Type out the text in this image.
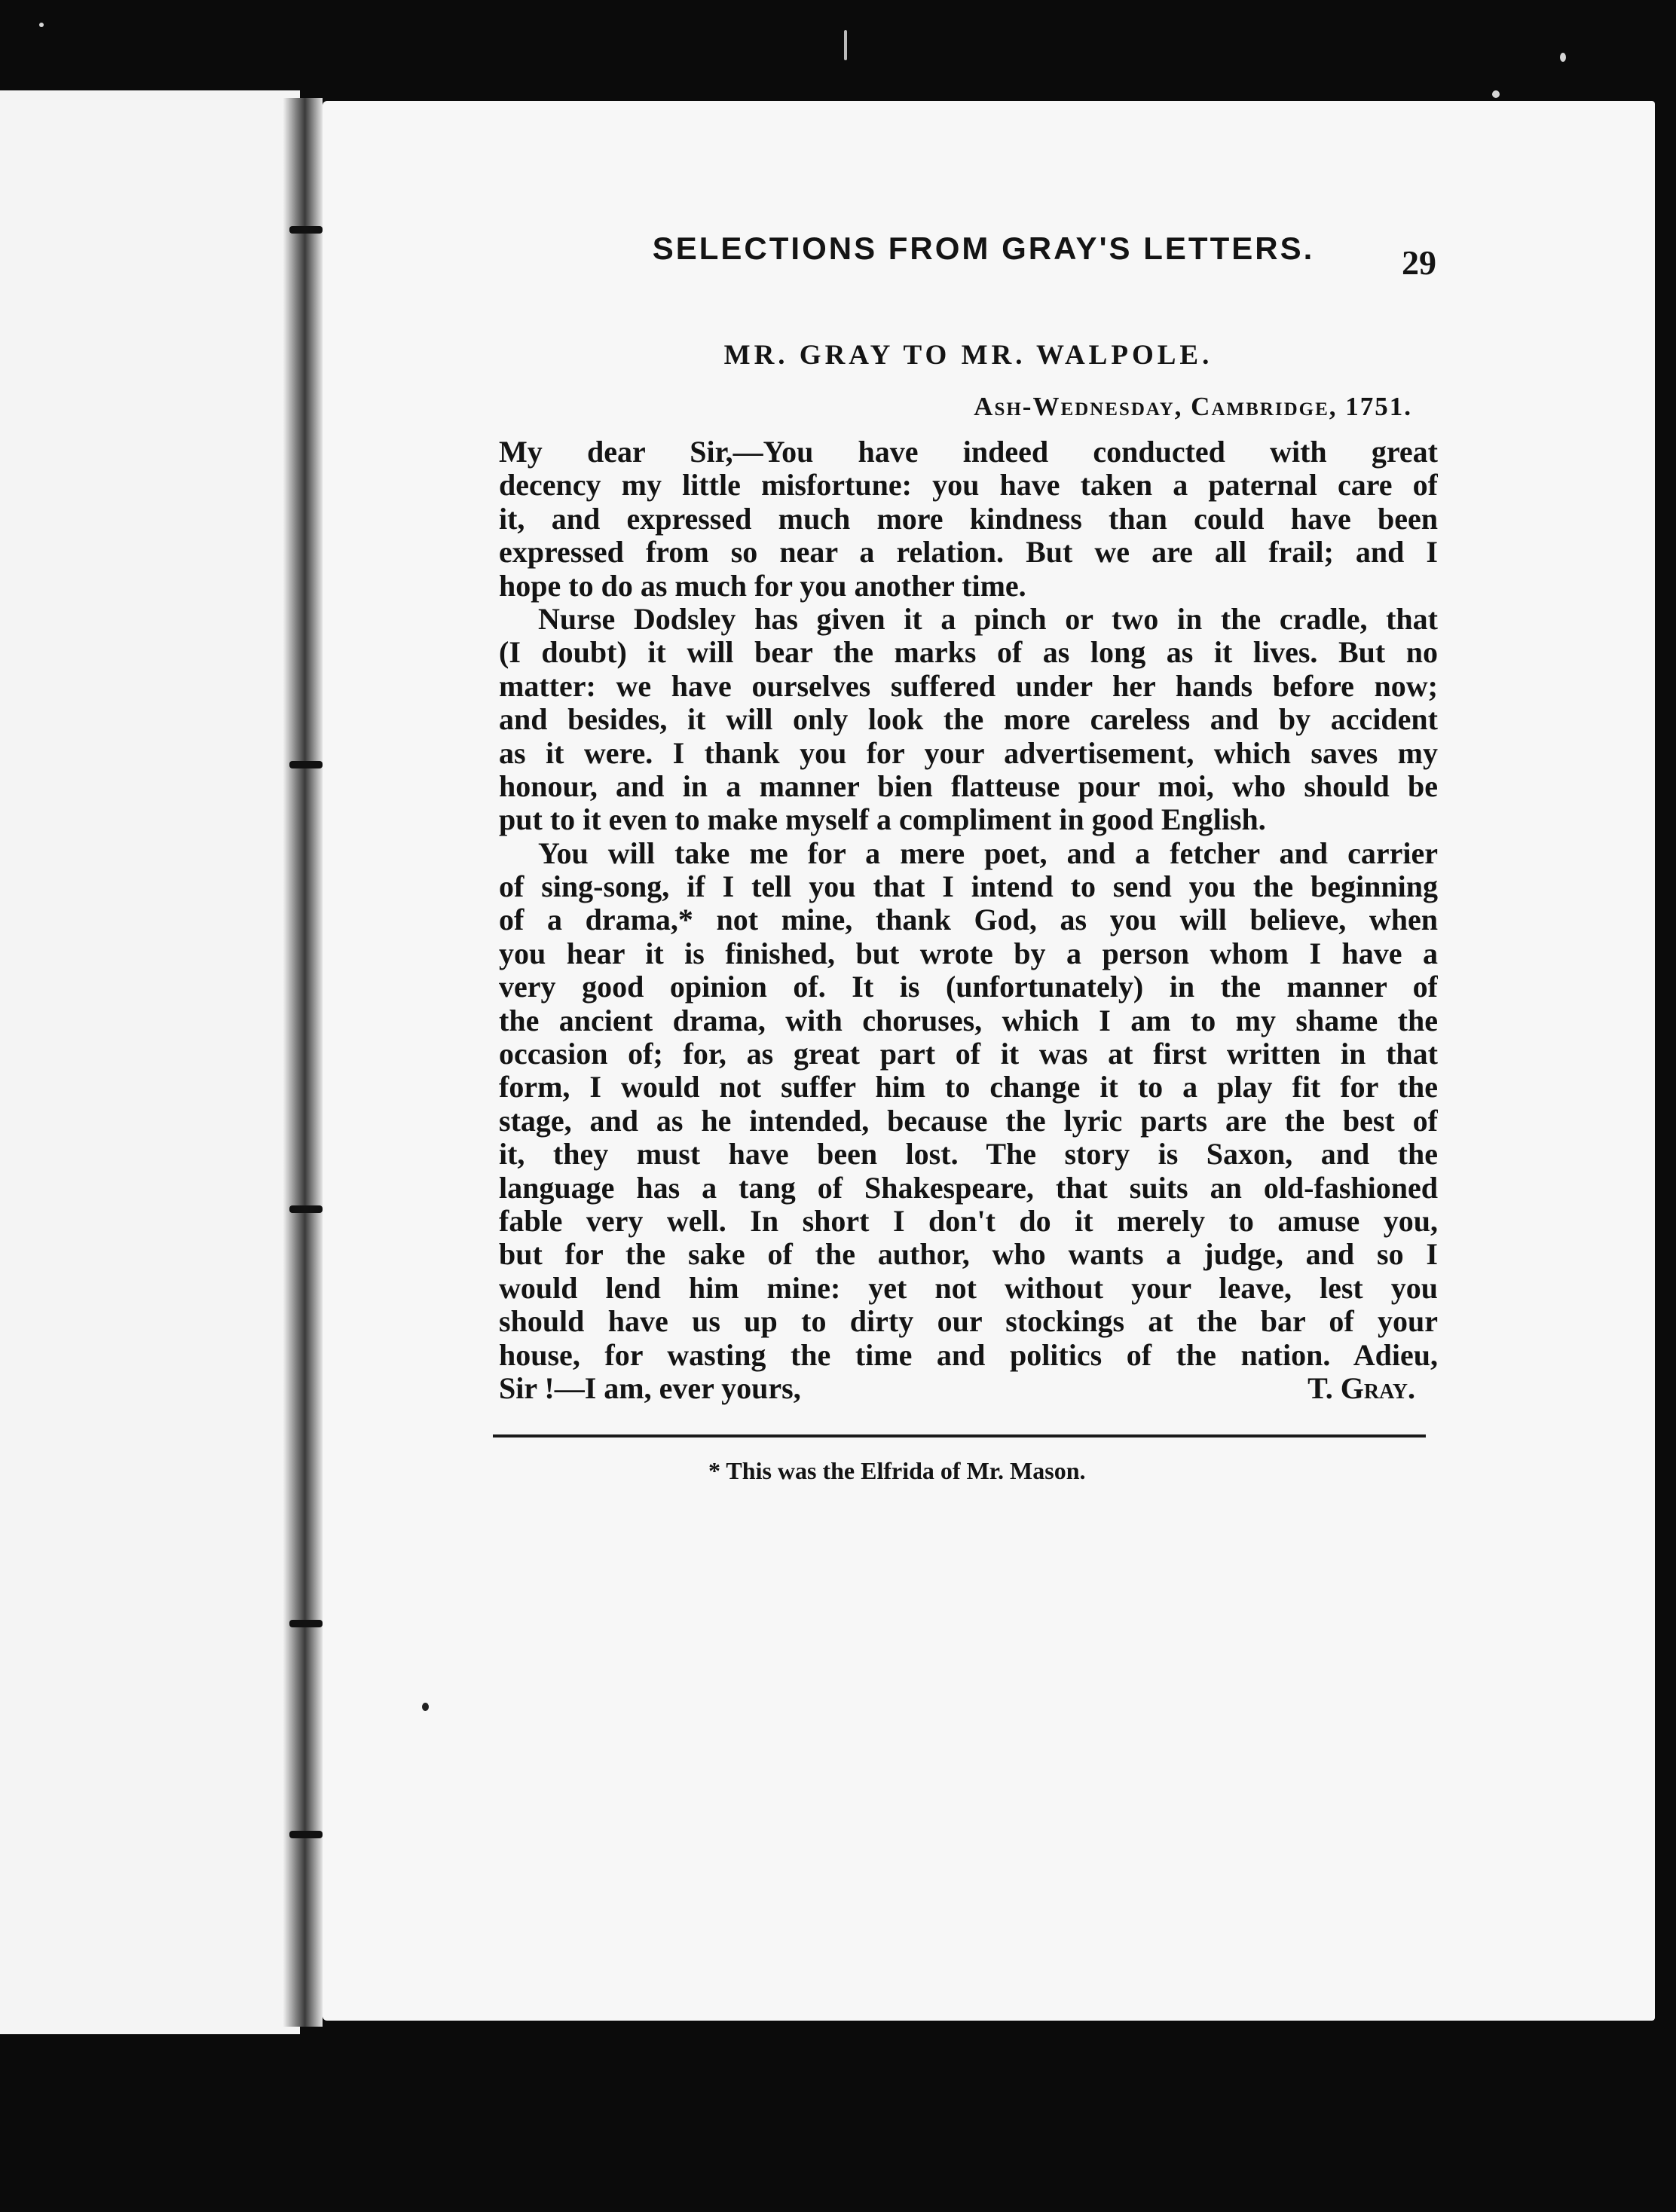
SELECTIONS FROM GRAY'S LETTERS.	29
MR. GRAY TO MR. WALPOLE.
Ash-Wednesday, Cambridge, 1751.
My dear Sir,—You have indeed conducted with great
decency my little misfortune: you have taken a paternal care of
it, and expressed much more kindness than could have been
expressed from so near a relation. But we are all frail; and I
hope to do as much for you another time.
Nurse Dodsley has given it a pinch or two in the cradle, that
(I doubt) it will bear the marks of as long as it lives. But no
matter: we have ourselves suffered under her hands before now;
and besides, it will only look the more careless and by accident
as it were. I thank you for your advertisement, which saves my
honour, and in a manner bien flatteuse pour moi, who should be
put to it even to make myself a compliment in good English.
You will take me for a mere poet, and a fetcher and carrier
of sing-song, if I tell you that I intend to send you the beginning
of a drama,* not mine, thank God, as you will believe, when
you hear it is finished, but wrote by a person whom I have a
very good opinion of. It is (unfortunately) in the manner of
the ancient drama, with choruses, which I am to my shame the
occasion of; for, as great part of it was at first written in that
form, I would not suffer him to change it to a play fit for the
stage, and as he intended, because the lyric parts are the best of
it, they must have been lost. The story is Saxon, and the
language has a tang of Shakespeare, that suits an old-fashioned
fable very well. In short I don't do it merely to amuse you,
but for the sake of the author, who wants a judge, and so I
would lend him mine: yet not without your leave, lest you
should have us up to dirty our stockings at the bar of your
house, for wasting the time and politics of the nation. Adieu,
Sir !—I am, ever yours,	T. Gray.
* This was the Elfrida of Mr. Mason.
